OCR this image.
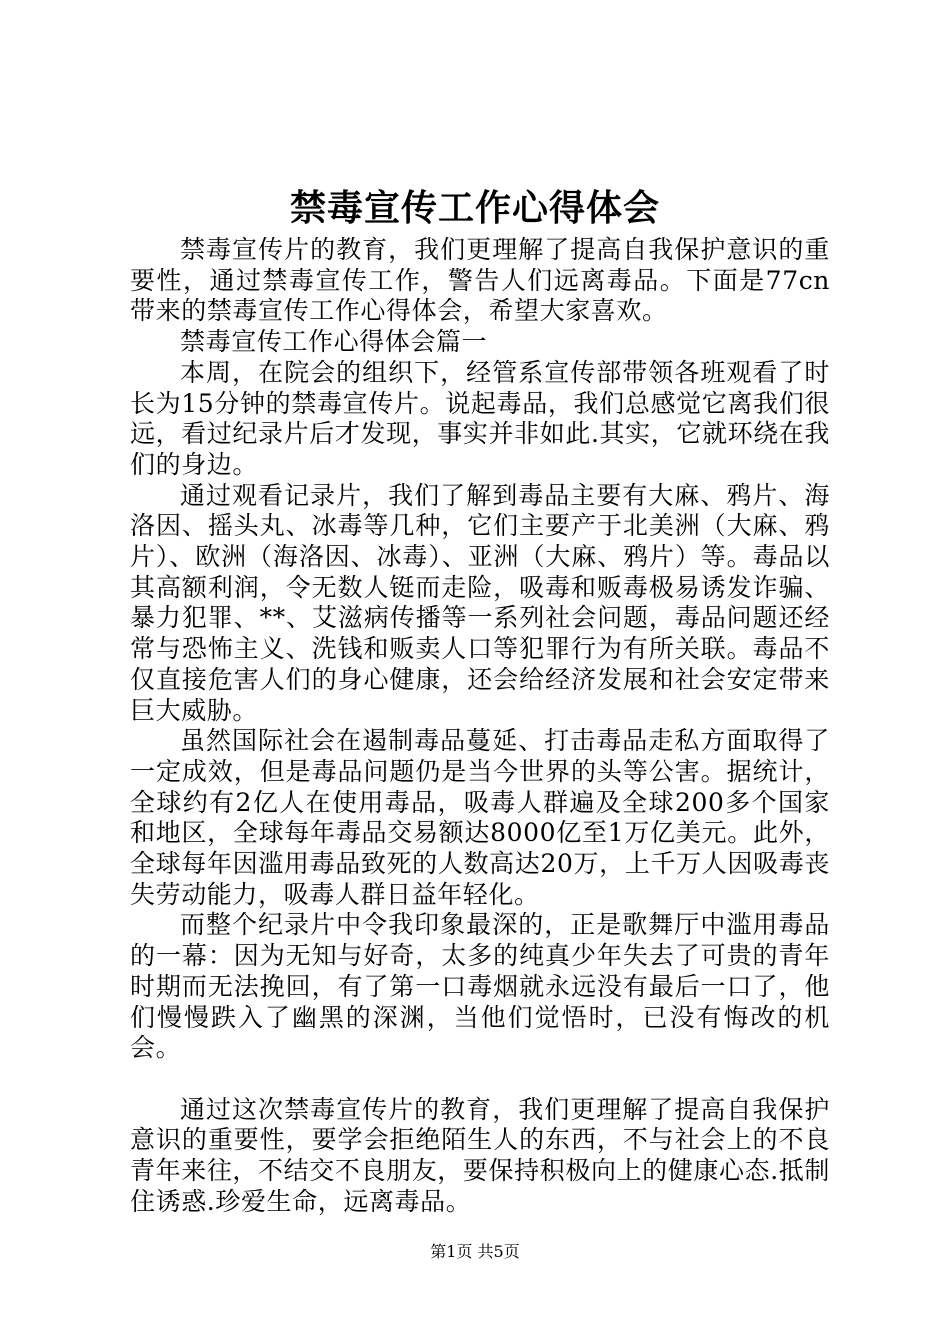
禁毒宣传工作心得体会

禁毒宣传片的教育，我们更理解了提高自我保护意识的重要性，通过禁毒宣传工作，警告人们远离毒品。下面是77cn带来的禁毒宣传工作心得体会，希望大家喜欢。

禁毒宣传工作心得体会篇一

本周，在院会的组织下，经管系宣传部带领各班观看了时长为15分钟的禁毒宣传片。说起毒品，我们总感觉它离我们很远，看过纪录片后才发现，事实并非如此.其实，它就环绕在我们的身边。

通过观看记录片，我们了解到毒品主要有大麻、鸦片、海洛因、摇头丸、冰毒等几种，它们主要产于北美洲（大麻、鸦片）、欧洲（海洛因、冰毒）、亚洲（大麻、鸦片）等。毒品以其高额利润，令无数人铤而走险，吸毒和贩毒极易诱发诈骗、暴力犯罪、**、艾滋病传播等一系列社会问题，毒品问题还经常与恐怖主义、洗钱和贩卖人口等犯罪行为有所关联。毒品不仅直接危害人们的身心健康，还会给经济发展和社会安定带来巨大威胁。

虽然国际社会在遏制毒品蔓延、打击毒品走私方面取得了一定成效，但是毒品问题仍是当今世界的头等公害。据统计，全球约有2亿人在使用毒品，吸毒人群遍及全球200多个国家和地区，全球每年毒品交易额达8000亿至1万亿美元。此外，全球每年因滥用毒品致死的人数高达20万，上千万人因吸毒丧失劳动能力，吸毒人群日益年轻化。

而整个纪录片中令我印象最深的，正是歌舞厅中滥用毒品的一幕：因为无知与好奇，太多的纯真少年失去了可贵的青年时期而无法挽回，有了第一口毒烟就永远没有最后一口了，他们慢慢跌入了幽黑的深渊，当他们觉悟时，已没有悔改的机会。

通过这次禁毒宣传片的教育，我们更理解了提高自我保护意识的重要性，要学会拒绝陌生人的东西，不与社会上的不良青年来往，不结交不良朋友，要保持积极向上的健康心态.抵制住诱惑.珍爱生命，远离毒品。

第1页 共5页
